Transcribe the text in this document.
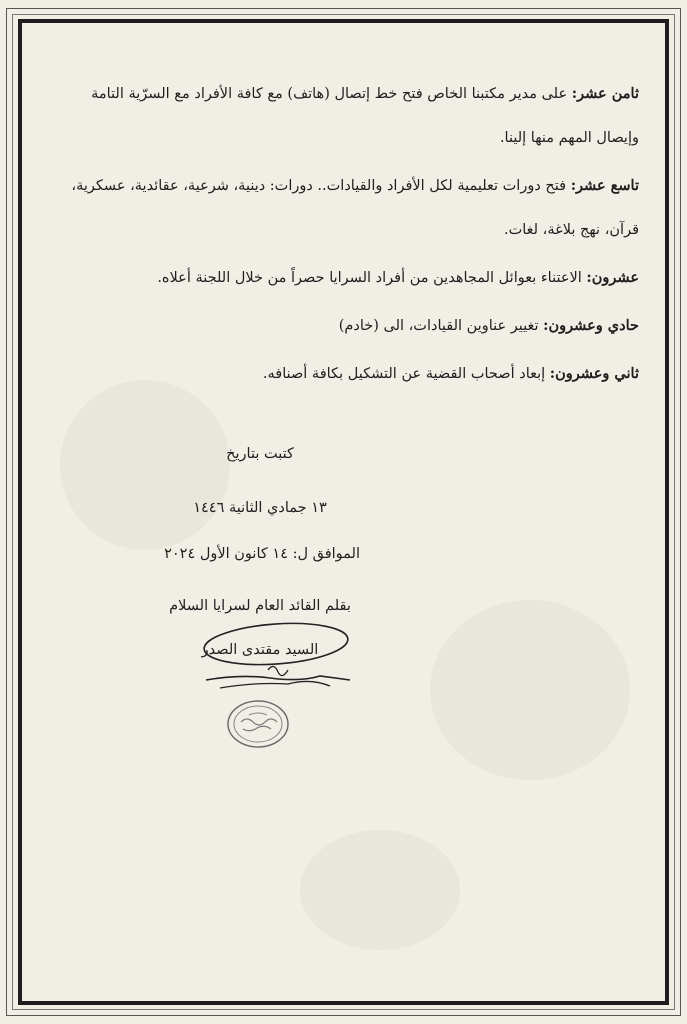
ثامن عشر: على مدير مكتبنا الخاص فتح خط إتصال (هاتف) مع كافة الأفراد مع السرّية التامة وإيصال المهم منها إلينا.

تاسع عشر: فتح دورات تعليمية لكل الأفراد والقيادات.. دورات: دينية، شرعية، عقائدية، عسكرية، قرآن، نهج بلاغة، لغات.

عشرون: الاعتناء بعوائل المجاهدين من أفراد السرايا حصراً من خلال اللجنة أعلاه.

حادي وعشرون: تغيير عناوين القيادات، الى (خادم)

ثاني وعشرون: إبعاد أصحاب القضية عن التشكيل بكافة أصنافه.

كتبت بتاريخ
١٣ جمادي الثانية ١٤٤٦
الموافق ل: ١٤ كانون الأول ٢٠٢٤
بقلم القائد العام لسرايا السلام
السيد مقتدى الصدر
